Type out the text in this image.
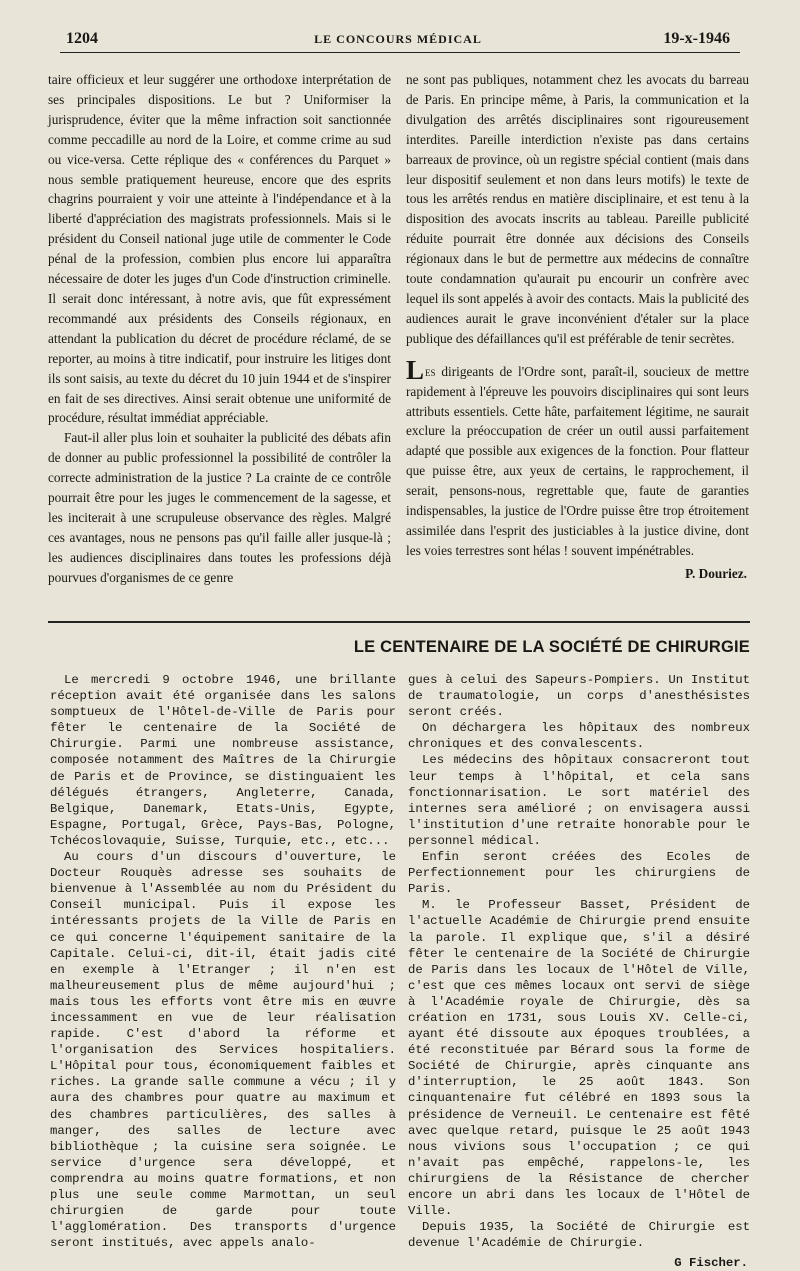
1204	LE CONCOURS MÉDICAL	19-x-1946

taire officieux et leur suggérer une orthodoxe interprétation de ses principales dispositions. Le but ? Uniformiser la jurisprudence, éviter que la même infraction soit sanctionnée comme peccadille au nord de la Loire, et comme crime au sud ou vice-versa. Cette réplique des « conférences du Parquet » nous semble pratiquement heureuse, encore que des esprits chagrins pourraient y voir une atteinte à l'indépendance et à la liberté d'appréciation des magistrats professionnels. Mais si le président du Conseil national juge utile de commenter le Code pénal de la profession, combien plus encore lui apparaîtra nécessaire de doter les juges d'un Code d'instruction criminelle. Il serait donc intéressant, à notre avis, que fût expressément recommandé aux présidents des Conseils régionaux, en attendant la publication du décret de procédure réclamé, de se reporter, au moins à titre indicatif, pour instruire les litiges dont ils sont saisis, au texte du décret du 10 juin 1944 et de s'inspirer en fait de ses directives. Ainsi serait obtenue une uniformité de procédure, résultat immédiat appréciable.

Faut-il aller plus loin et souhaiter la publicité des débats afin de donner au public professionnel la possibilité de contrôler la correcte administration de la justice ? La crainte de ce contrôle pourrait être pour les juges le commencement de la sagesse, et les inciterait à une scrupuleuse observance des règles. Malgré ces avantages, nous ne pensons pas qu'il faille aller jusque-là ; les audiences disciplinaires dans toutes les professions déjà pourvues d'organismes de ce genre

ne sont pas publiques, notamment chez les avocats du barreau de Paris. En principe même, à Paris, la communication et la divulgation des arrêtés disciplinaires sont rigoureusement interdites. Pareille interdiction n'existe pas dans certains barreaux de province, où un registre spécial contient (mais dans leur dispositif seulement et non dans leurs motifs) le texte de tous les arrêtés rendus en matière disciplinaire, et est tenu à la disposition des avocats inscrits au tableau. Pareille publicité réduite pourrait être donnée aux décisions des Conseils régionaux dans le but de permettre aux médecins de connaître toute condamnation qu'aurait pu encourir un confrère avec lequel ils sont appelés à avoir des contacts. Mais la publicité des audiences aurait le grave inconvénient d'étaler sur la place publique des défaillances qu'il est préférable de tenir secrètes.

Les dirigeants de l'Ordre sont, paraît-il, soucieux de mettre rapidement à l'épreuve les pouvoirs disciplinaires qui sont leurs attributs essentiels. Cette hâte, parfaitement légitime, ne saurait exclure la préoccupation de créer un outil aussi parfaitement adapté que possible aux exigences de la fonction. Pour flatteur que puisse être, aux yeux de certains, le rapprochement, il serait, pensons-nous, regrettable que, faute de garanties indispensables, la justice de l'Ordre puisse être trop étroitement assimilée dans l'esprit des justiciables à la justice divine, dont les voies terrestres sont hélas ! souvent impénétrables.

P. Douriez.

LE CENTENAIRE DE LA SOCIÉTÉ DE CHIRURGIE

Le mercredi 9 octobre 1946, une brillante réception avait été organisée dans les salons somptueux de l'Hôtel-de-Ville de Paris pour fêter le centenaire de la Société de Chirurgie. Parmi une nombreuse assistance, composée notamment des Maîtres de la Chirurgie de Paris et de Province, se distinguaient les délégués étrangers, Angleterre, Canada, Belgique, Danemark, Etats-Unis, Egypte, Espagne, Portugal, Grèce, Pays-Bas, Pologne, Tchécoslovaquie, Suisse, Turquie, etc., etc...

Au cours d'un discours d'ouverture, le Docteur Rouquès adresse ses souhaits de bienvenue à l'Assemblée au nom du Président du Conseil municipal. Puis il expose les intéressants projets de la Ville de Paris en ce qui concerne l'équipement sanitaire de la Capitale. Celui-ci, dit-il, était jadis cité en exemple à l'Etranger ; il n'en est malheureusement plus de même aujourd'hui ; mais tous les efforts vont être mis en œuvre incessamment en vue de leur réalisation rapide. C'est d'abord la réforme et l'organisation des Services hospitaliers. L'Hôpital pour tous, économiquement faibles et riches. La grande salle commune a vécu ; il y aura des chambres pour quatre au maximum et des chambres particulières, des salles à manger, des salles de lecture avec bibliothèque ; la cuisine sera soignée. Le service d'urgence sera développé, et comprendra au moins quatre formations, et non plus une seule comme Marmottan, un seul chirurgien de garde pour toute l'agglomération. Des transports d'urgence seront institués, avec appels analo-

gues à celui des Sapeurs-Pompiers. Un Institut de traumatologie, un corps d'anesthésistes seront créés.

On déchargera les hôpitaux des nombreux chroniques et des convalescents.

Les médecins des hôpitaux consacreront tout leur temps à l'hôpital, et cela sans fonctionnarisation. Le sort matériel des internes sera amélioré ; on envisagera aussi l'institution d'une retraite honorable pour le personnel médical.

Enfin seront créées des Ecoles de Perfectionnement pour les chirurgiens de Paris.

M. le Professeur Basset, Président de l'actuelle Académie de Chirurgie prend ensuite la parole. Il explique que, s'il a désiré fêter le centenaire de la Société de Chirurgie de Paris dans les locaux de l'Hôtel de Ville, c'est que ces mêmes locaux ont servi de siège à l'Académie royale de Chirurgie, dès sa création en 1731, sous Louis XV. Celle-ci, ayant été dissoute aux époques troublées, a été reconstituée par Bérard sous la forme de Société de Chirurgie, après cinquante ans d'interruption, le 25 août 1843. Son cinquantenaire fut célébré en 1893 sous la présidence de Verneuil. Le centenaire est fêté avec quelque retard, puisque le 25 août 1943 nous vivions sous l'occupation ; ce qui n'avait pas empêché, rappelons-le, les chirurgiens de la Résistance de chercher encore un abri dans les locaux de l'Hôtel de Ville.

Depuis 1935, la Société de Chirurgie est devenue l'Académie de Chirurgie.

G Fischer.
